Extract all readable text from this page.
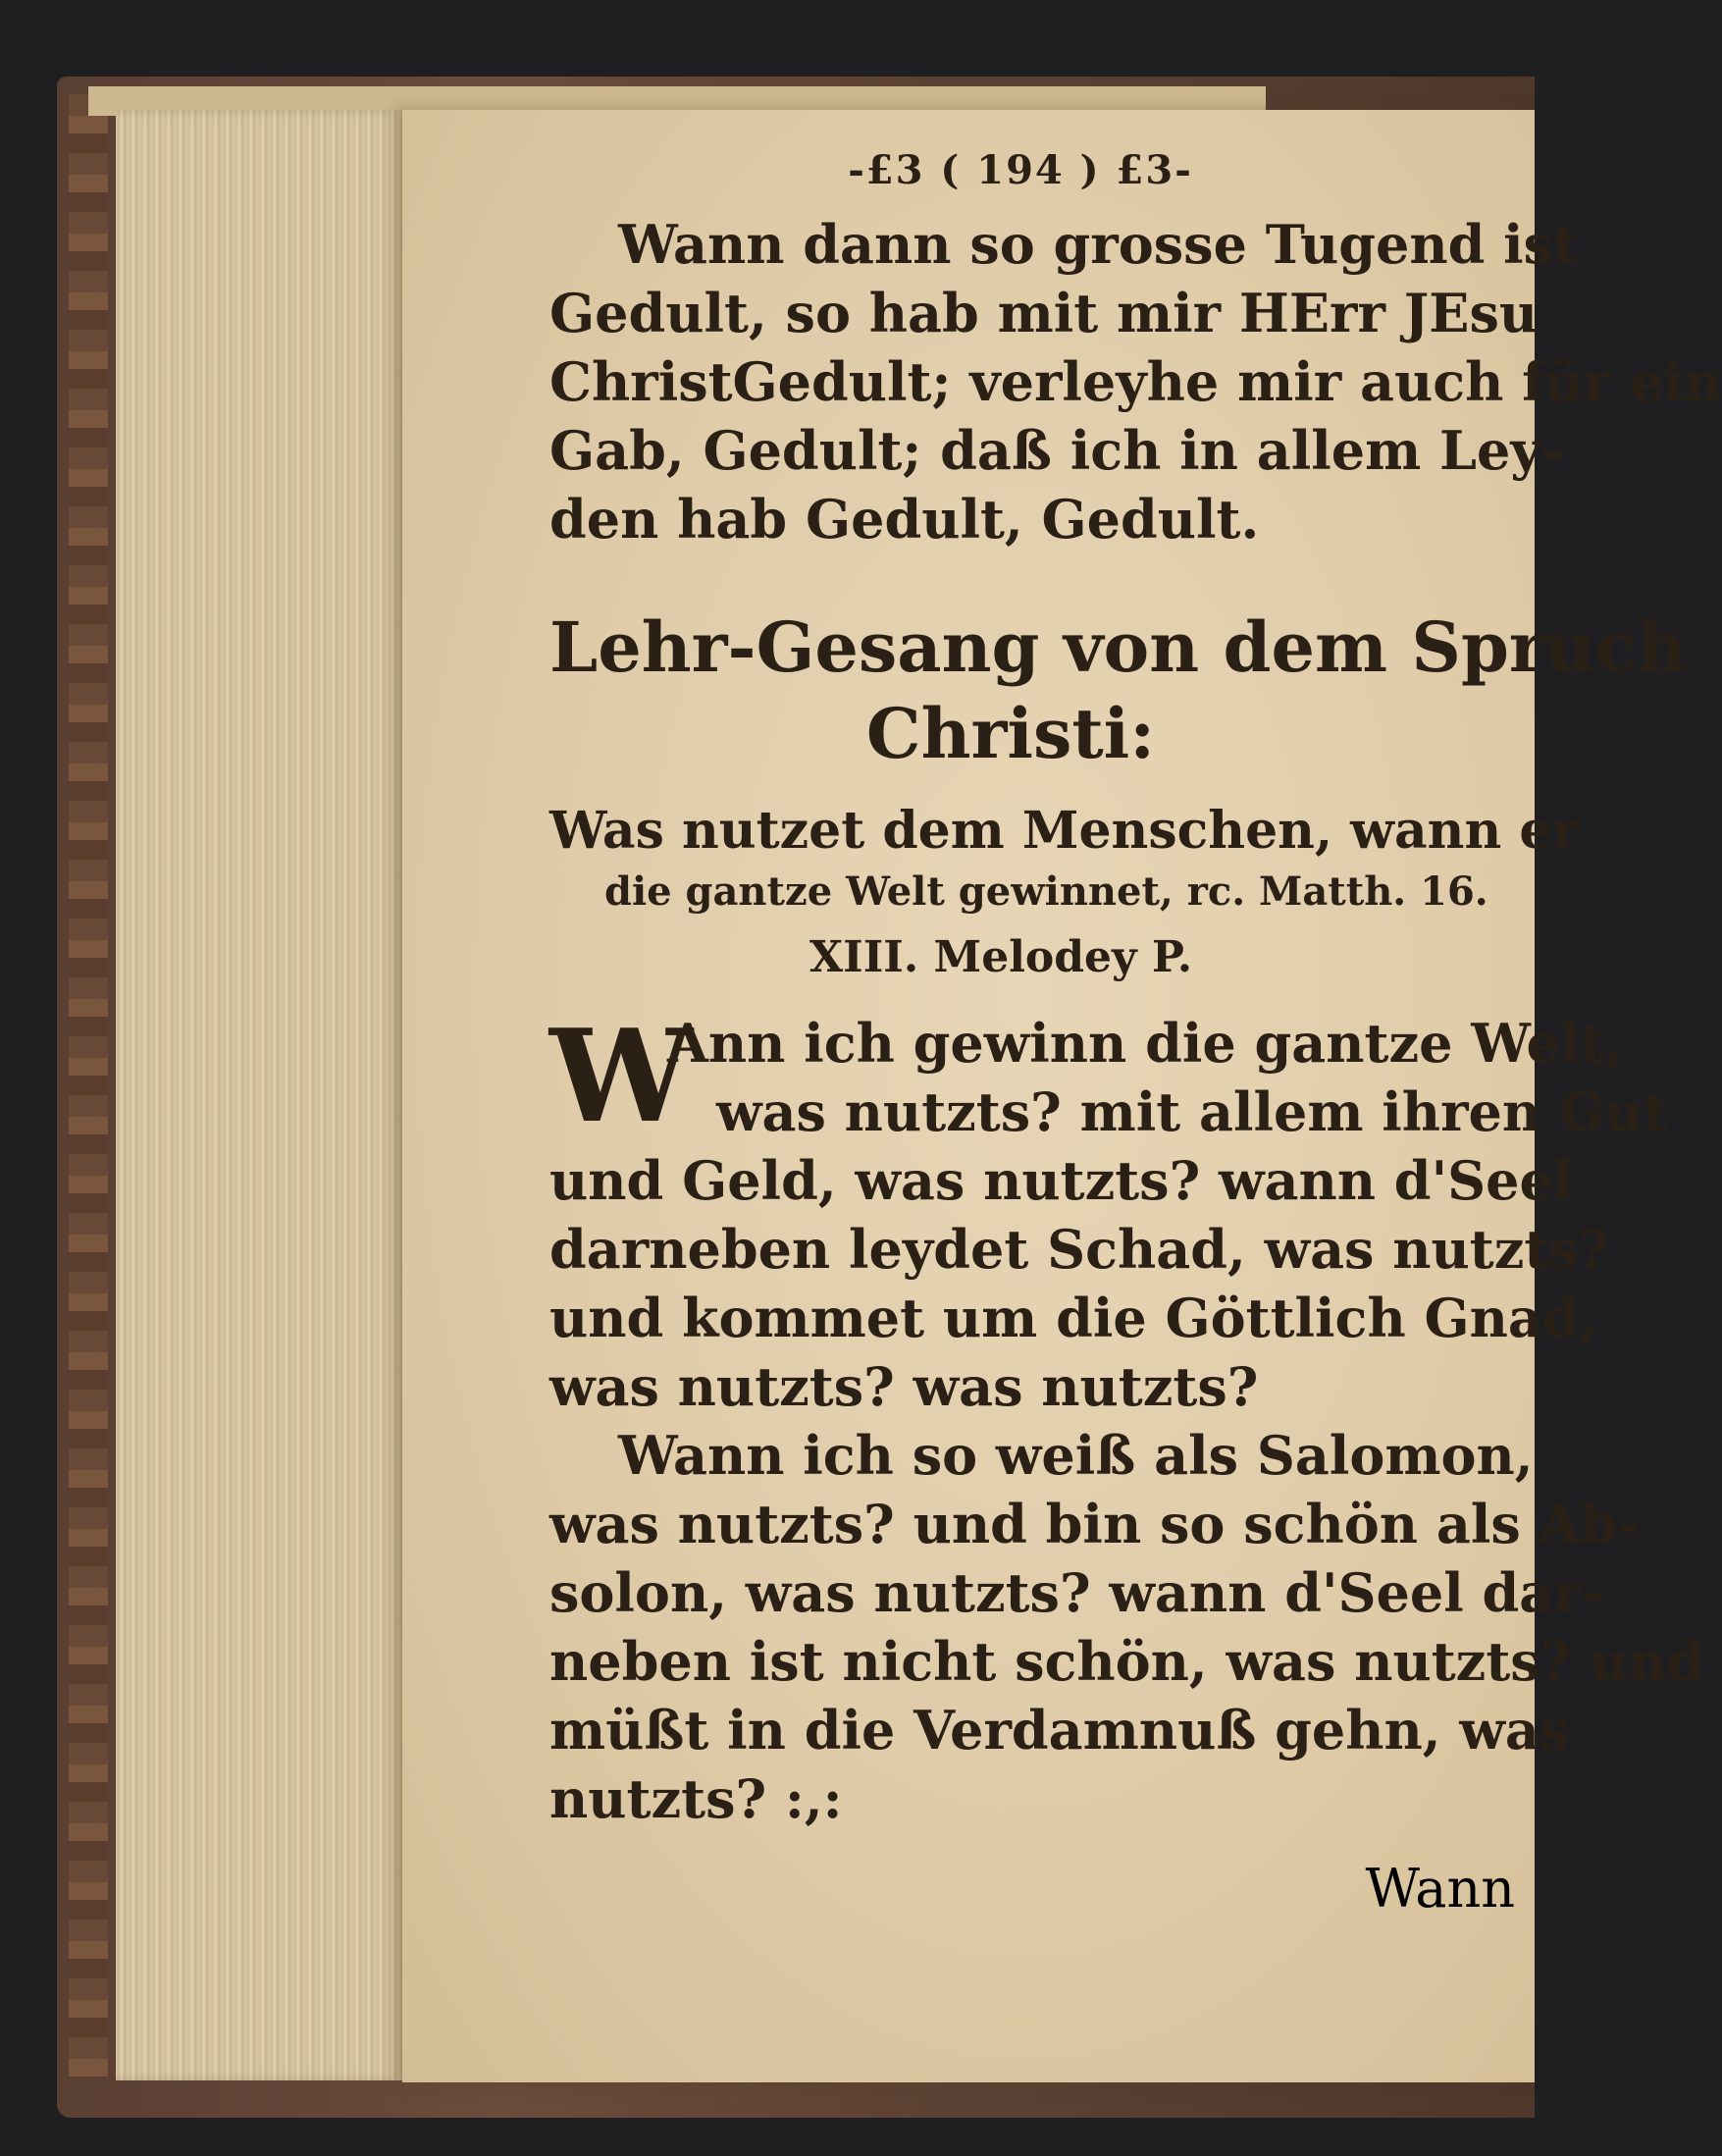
-£3 ( 194 ) £3-
Wann dann so grosse Tugend ist
Gedult, so hab mit mir HErr JEsu
ChristGedult; verleyhe mir auch für ein
Gab, Gedult; daß ich in allem Ley-
den hab Gedult, Gedult.
Lehr-Gesang von dem Spruch
Christi:
Was nutzet dem Menschen, wann er
die gantze Welt gewinnet, rc. Matth. 16.
XIII. Melodey P.
W
Ann ich gewinn die gantze Welt,
was nutzts? mit allem ihren Gut
und Geld, was nutzts? wann d'Seel
darneben leydet Schad, was nutzts?
und kommet um die Göttlich Gnad,
was nutzts? was nutzts?
Wann ich so weiß als Salomon,
was nutzts? und bin so schön als Ab-
solon, was nutzts? wann d'Seel dar-
neben ist nicht schön, was nutzts? und
müßt in die Verdamnuß gehn, was
nutzts? :,:
Wann
